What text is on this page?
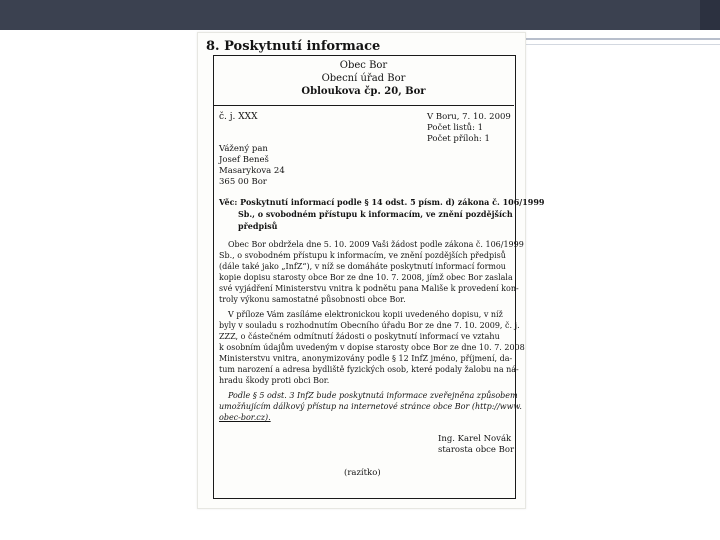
8. Poskytnutí informace
Obec Bor
Obecní úřad Bor
Obloukova čp. 20, Bor
č. j. XXX	V Boru, 7. 10. 2009
Počet listů: 1
Počet příloh: 1
Vážený pan
Josef Beneš
Masarykova 24
365 00 Bor
Věc: Poskytnutí informací podle § 14 odst. 5 písm. d) zákona č. 106/1999
Sb., o svobodném přístupu k informacím, ve znění pozdějších
předpisů
Obec Bor obdržela dne 5. 10. 2009 Vaši žádost podle zákona č. 106/1999
Sb., o svobodném přístupu k informacím, ve znění pozdějších předpisů
(dále také jako „InfZ“), v níž se domáháte poskytnutí informací formou
kopie dopisu starosty obce Bor ze dne 10. 7. 2008, jímž obec Bor zaslala
své vyjádření Ministerstvu vnitra k podnětu pana Mališe k provedení kon-
troly výkonu samostatné působnosti obce Bor.
V příloze Vám zasíláme elektronickou kopii uvedeného dopisu, v níž
byly v souladu s rozhodnutím Obecního úřadu Bor ze dne 7. 10. 2009, č. j.
ZZZ, o částečném odmítnutí žádosti o poskytnutí informací ve vztahu
k osobním údajům uvedeným v dopise starosty obce Bor ze dne 10. 7. 2008
Ministerstvu vnitra, anonymizovány podle § 12 InfZ jméno, příjmení, da-
tum narození a adresa bydliště fyzických osob, které podaly žalobu na ná-
hradu škody proti obci Bor.
Podle § 5 odst. 3 InfZ bude poskytnutá informace zveřejněna způsobem
umožňujícím dálkový přístup na internetové stránce obce Bor (http://www.
obec-bor.cz).
Ing. Karel Novák
starosta obce Bor
(razítko)
